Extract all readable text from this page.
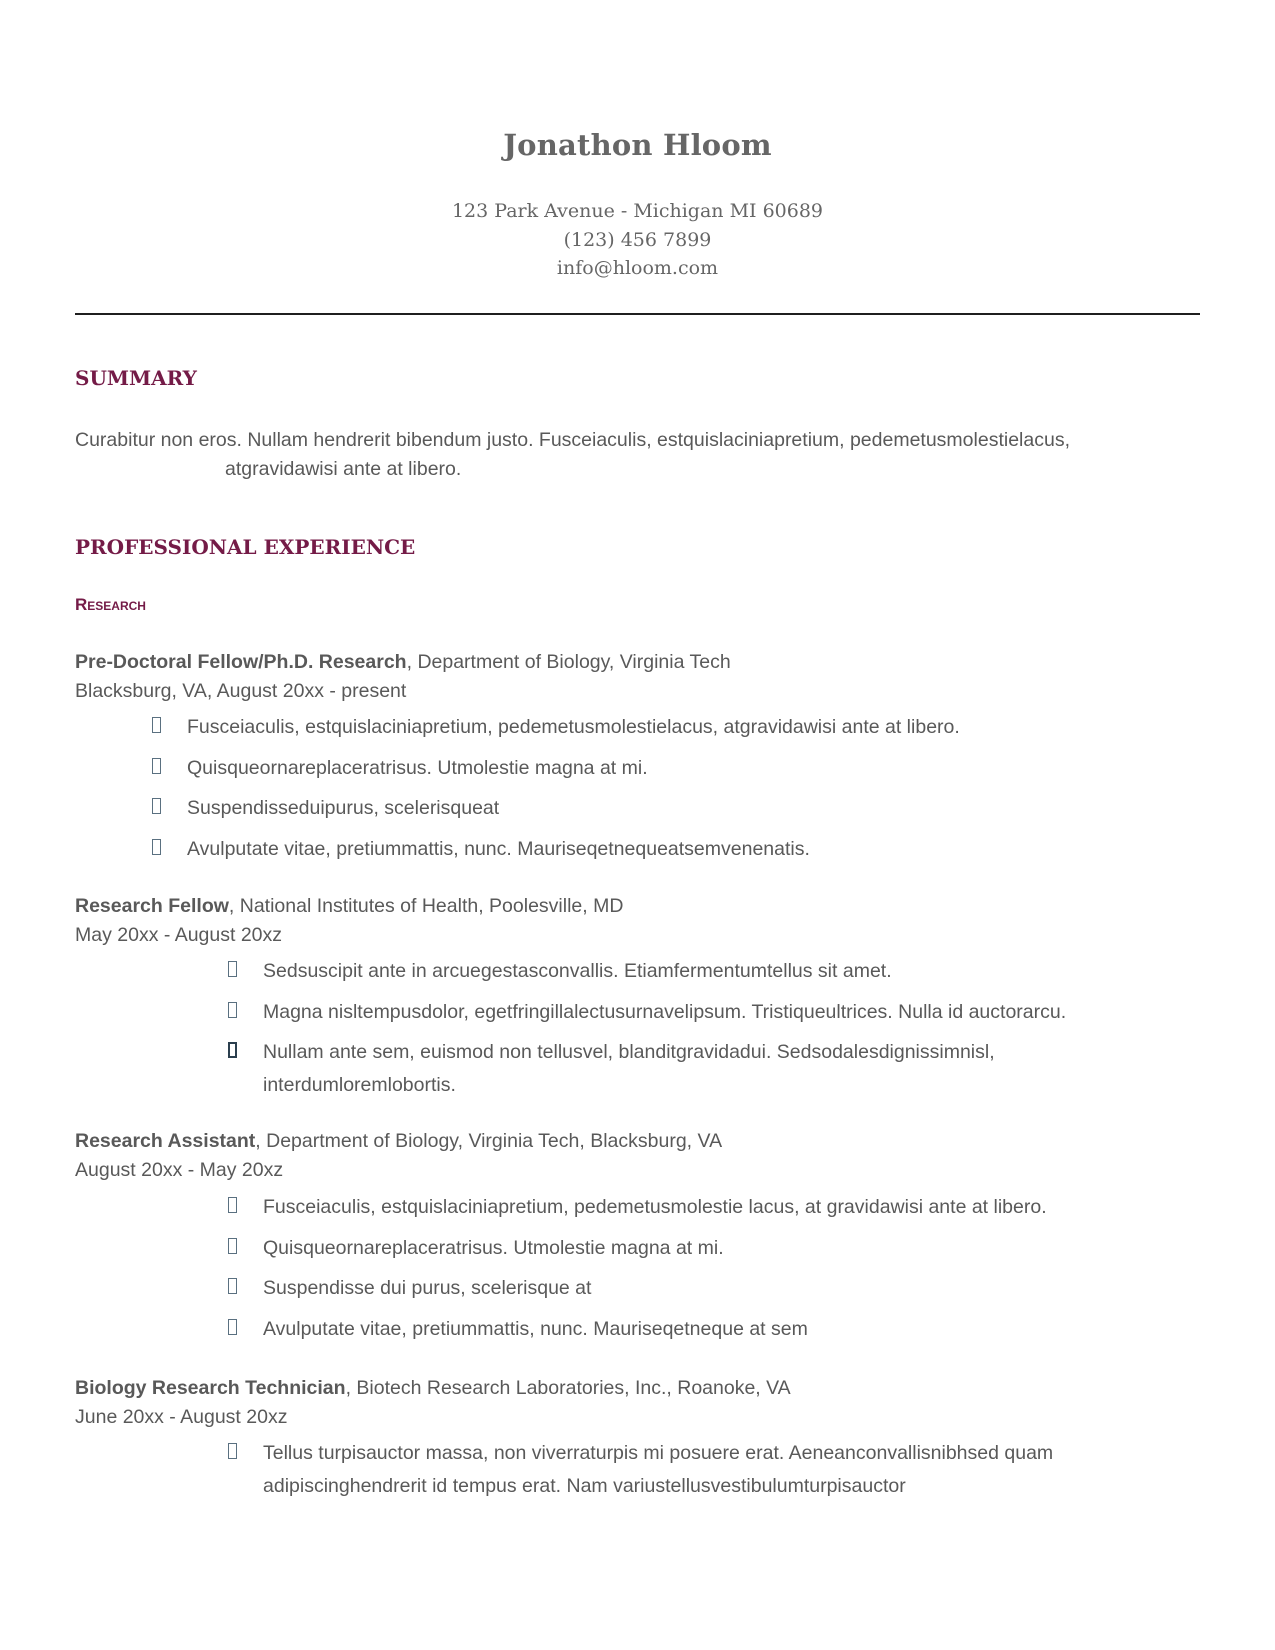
Jonathon Hloom
123 Park Avenue - Michigan MI 60689
(123) 456 7899
info@hloom.com
SUMMARY
Curabitur non eros. Nullam hendrerit bibendum justo. Fusceiaculis, estquislaciniapretium, pedemetusmolestielacus,
atgravidawisi ante at libero.
PROFESSIONAL EXPERIENCE
Research
Pre-Doctoral Fellow/Ph.D. Research, Department of Biology, Virginia Tech
Blacksburg, VA, August 20xx - present
Fusceiaculis, estquislaciniapretium, pedemetusmolestielacus, atgravidawisi ante at libero.
Quisqueornareplaceratrisus. Utmolestie magna at mi.
Suspendisseduipurus, scelerisqueat
Avulputate vitae, pretiummattis, nunc. Mauriseqetnequeatsemvenenatis.
Research Fellow, National Institutes of Health, Poolesville, MD
May 20xx - August 20xz
Sedsuscipit ante in arcuegestasconvallis. Etiamfermentumtellus sit amet.
Magna nisltempusdolor, egetfringillalectusurnavelipsum. Tristiqueultrices. Nulla id auctorarcu.
Nullam ante sem, euismod non tellusvel, blanditgravidadui. Sedsodalesdignissimnisl,
interdumloremlobortis.
Research Assistant, Department of Biology, Virginia Tech, Blacksburg, VA
August 20xx - May 20xz
Fusceiaculis, estquislaciniapretium, pedemetusmolestie lacus, at gravidawisi ante at libero.
Quisqueornareplaceratrisus. Utmolestie magna at mi.
Suspendisse dui purus, scelerisque at
Avulputate vitae, pretiummattis, nunc. Mauriseqetneque at sem
Biology Research Technician, Biotech Research Laboratories, Inc., Roanoke, VA
June 20xx - August 20xz
Tellus turpisauctor massa, non viverraturpis mi posuere erat. Aeneanconvallisnibhsed quam
adipiscinghendrerit id tempus erat. Nam variustellusvestibulumturpisauctor
